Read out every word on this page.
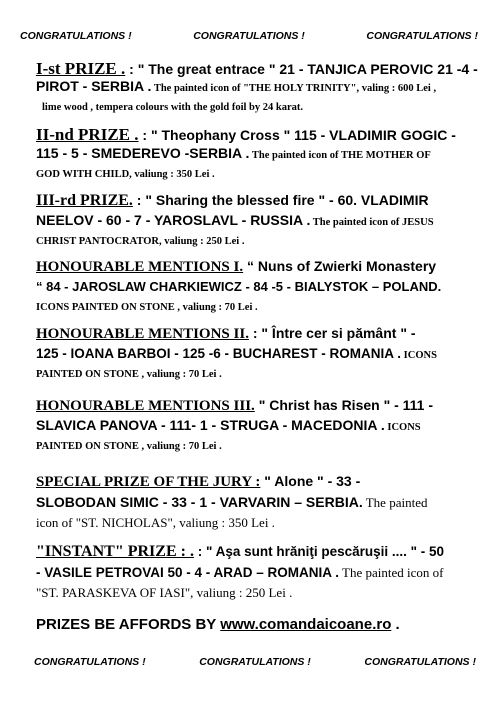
CONGRATULATIONS !	CONGRATULATIONS !	CONGRATULATIONS !
I-st PRIZE . : " The great entrace " 21 - TANJICA PEROVIC 21 -4 -
PIROT - SERBIA . The painted icon of "THE HOLY TRINITY", valing : 600 Lei ,
lime wood , tempera colours with the gold foil by 24 karat.
II-nd PRIZE . : " Theophany Cross " 115 - VLADIMIR GOGIC -
115 - 5 - SMEDEREVO -SERBIA . The painted icon of THE MOTHER OF
GOD WITH CHILD, valiung : 350 Lei .
III-rd PRIZE. : " Sharing the blessed fire " - 60. VLADIMIR
NEELOV - 60 - 7 - YAROSLAVL - RUSSIA . The painted icon of JESUS
CHRIST PANTOCRATOR, valiung : 250 Lei .
HONOURABLE MENTIONS I. “ Nuns of Zwierki Monastery
“ 84 - JAROSLAW CHARKIEWICZ - 84 -5 - BIALYSTOK – POLAND.
ICONS PAINTED ON STONE , valiung : 70 Lei .
HONOURABLE MENTIONS II. : " Între cer si pământ " -
125 - IOANA BARBOI - 125 -6 - BUCHAREST - ROMANIA . ICONS
PAINTED ON STONE , valiung : 70 Lei .
HONOURABLE MENTIONS III. " Christ has Risen " - 111 -
SLAVICA PANOVA - 111- 1 - STRUGA - MACEDONIA . ICONS
PAINTED ON STONE , valiung : 70 Lei .
SPECIAL PRIZE OF THE JURY : " Alone " - 33 -
SLOBODAN SIMIC - 33 - 1 - VARVARIN – SERBIA. The painted
icon of "ST. NICHOLAS", valiung : 350 Lei .
"INSTANT" PRIZE : . : " Aşa sunt hrăniţi pescăruşii .... " - 50
- VASILE PETROVAI 50 - 4 - ARAD – ROMANIA . The painted icon of
"ST. PARASKEVA OF IASI", valiung : 250 Lei .
PRIZES BE AFFORDS BY www.comandaicoane.ro .
CONGRATULATIONS !	CONGRATULATIONS !	CONGRATULATIONS !
